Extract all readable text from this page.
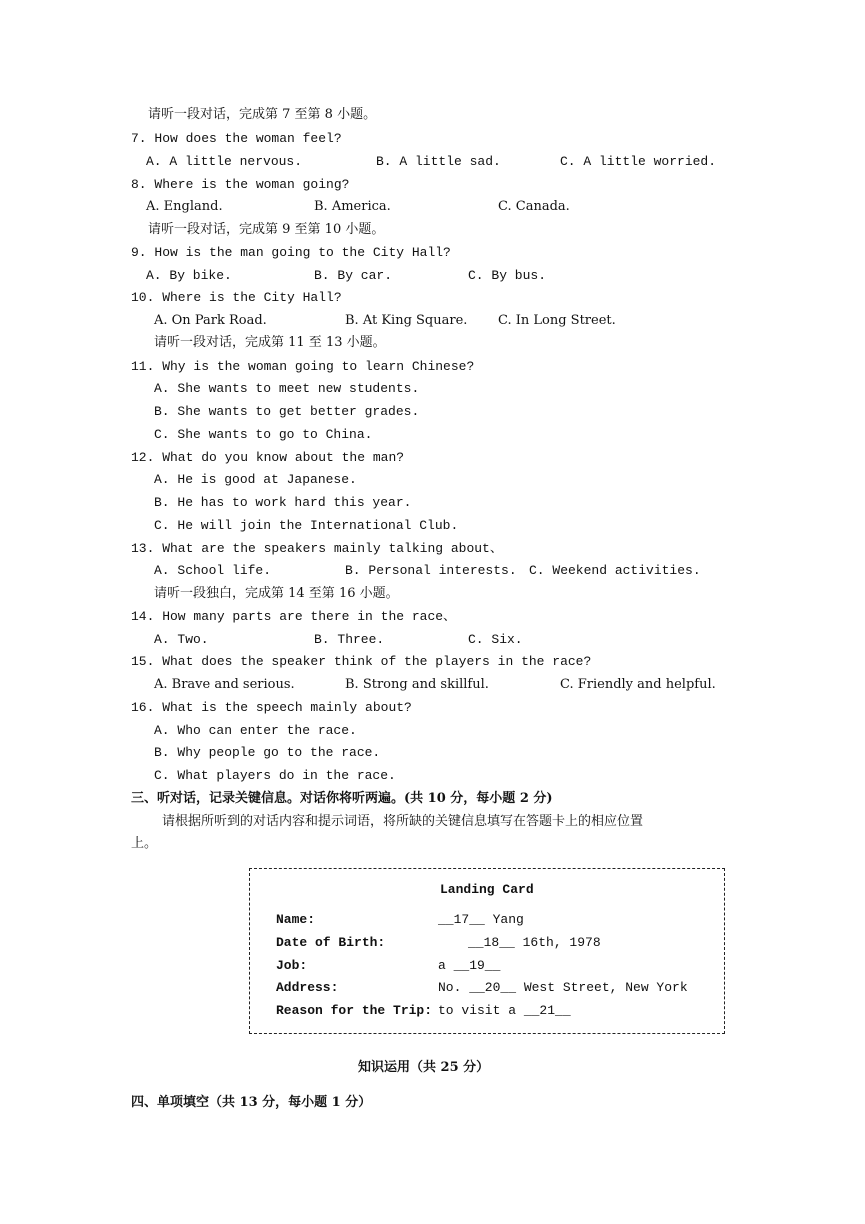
请听一段对话，完成第 7 至第 8 小题。
7. How does the woman feel?
A. A little nervous.	B. A little sad.	C. A little worried.
8. Where is the woman going?
A. England.	B. America.	C. Canada.
请听一段对话，完成第 9 至第 10 小题。
9. How is the man going to the City Hall?
A. By bike.	B. By car.	C. By bus.
10. Where is the City Hall?
A. On Park Road.	B. At King Square. C. In Long Street.
请听一段对话，完成第 11 至 13 小题。
11. Why is the woman going to learn Chinese?
A. She wants to meet new students.
B. She wants to get better grades.
C. She wants to go to China.
12. What do you know about the man?
A. He is good at Japanese.
B. He has to work hard this year.
C. He will join the International Club.
13. What are the speakers mainly talking about、
A. School life.	B. Personal interests. C. Weekend activities.
请听一段独白，完成第 14 至第 16 小题。
14. How many parts are there in the race、
A. Two.	B. Three.	C. Six.
15. What does the speaker think of the players in the race?
A. Brave and serious.	B. Strong and skillful.	C. Friendly and helpful.
16. What is the speech mainly about?
A. Who can enter the race.
B. Why people go to the race.
C. What players do in the race.
三、听对话，记录关键信息。对话你将听两遍。(共 10 分，每小题 2 分)
请根据所听到的对话内容和提示词语，将所缺的关键信息填写在答题卡上的相应位置
上。
Landing Card
Name:	__17__ Yang
Date of Birth:	__18__ 16th, 1978
Job:	a __19__
Address:	No. __20__ West Street, New York
Reason for the Trip: to visit a __21__
知识运用（共 25 分）
四、单项填空（共 13 分，每小题 1 分）
